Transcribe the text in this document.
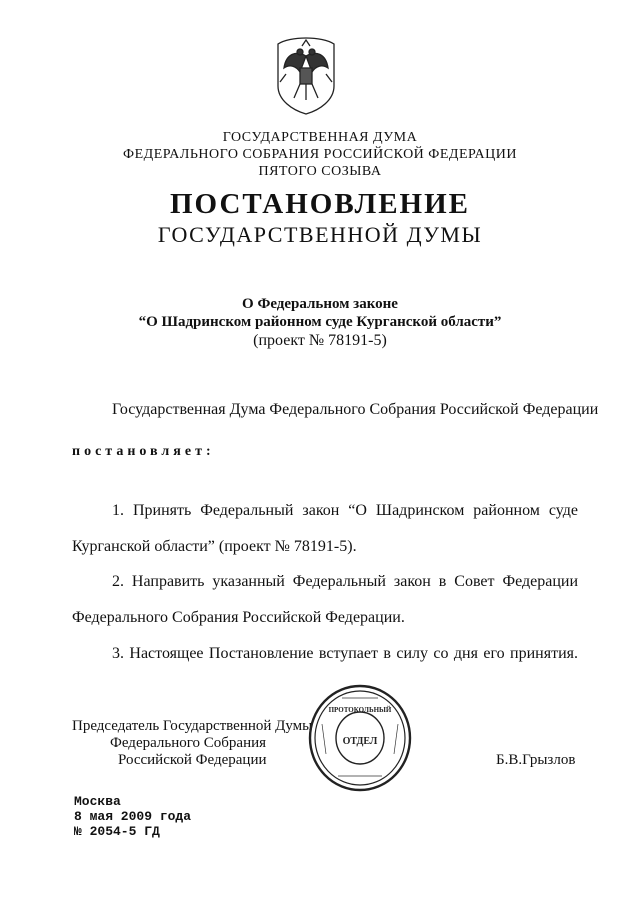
ГОСУДАРСТВЕННАЯ ДУМА
ФЕДЕРАЛЬНОГО СОБРАНИЯ РОССИЙСКОЙ ФЕДЕРАЦИИ
ПЯТОГО СОЗЫВА
ПОСТАНОВЛЕНИЕ
ГОСУДАРСТВЕННОЙ ДУМЫ
О Федеральном законе
“О Шадринском районном суде Курганской области”
(проект № 78191-5)
Государственная Дума Федерального Собрания Российской Федерации
постановляет:
1. Принять Федеральный закон “О Шадринском районном суде
Курганской области” (проект № 78191-5).
2. Направить указанный Федеральный закон в Совет Федерации
Федерального Собрания Российской Федерации.
3. Настоящее Постановление вступает в силу со дня его принятия.
Председатель Государственной Думы
Федерального Собрания
Российской Федерации	Б.В.Грызлов
ОТДЕЛ
ПРОТОКОЛЬНЫЙ
Москва
8 мая 2009 года
№ 2054-5 ГД
